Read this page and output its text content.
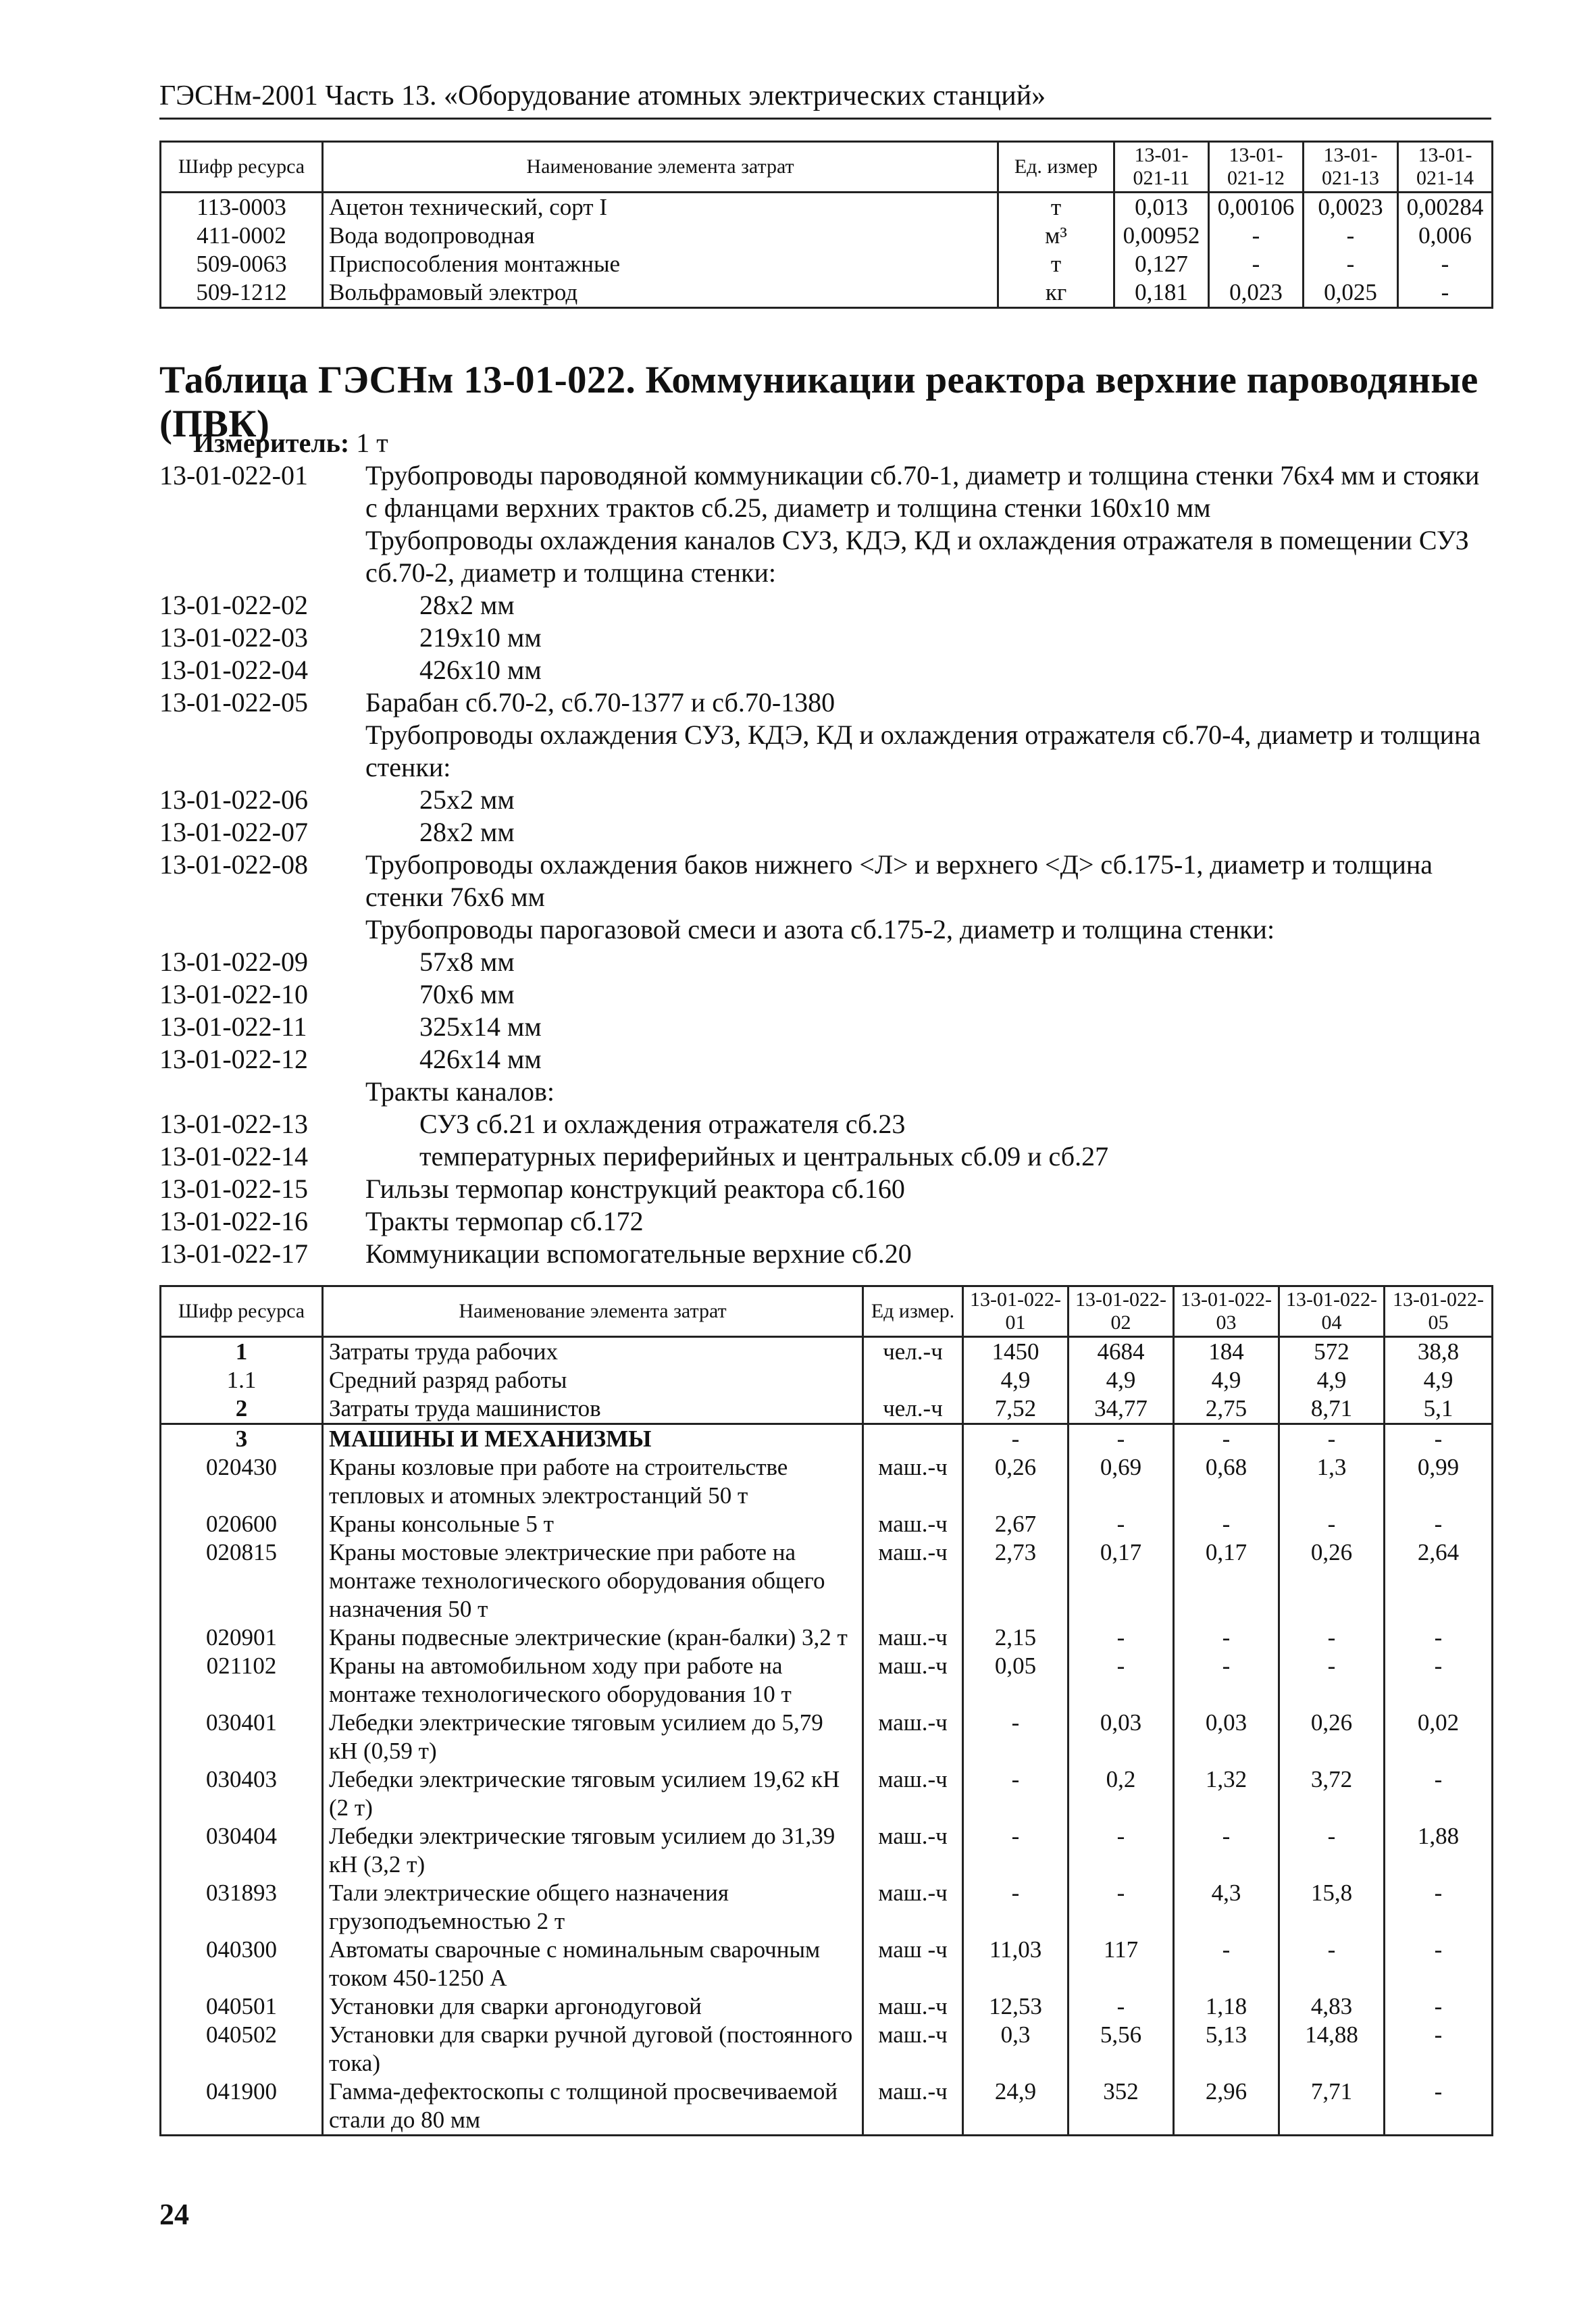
ГЭСНм-2001 Часть 13. «Оборудование атомных электрических станций»
Шифр ресурса	Наименование элемента затрат	Ед. измер	13-01-021-11	13-01-021-12	13-01-021-13	13-01-021-14
113-0003	Ацетон технический, сорт I	т	0,013	0,00106	0,0023	0,00284
411-0002	Вода водопроводная	м³	0,00952	-	-	0,006
509-0063	Приспособления монтажные	т	0,127	-	-	-
509-1212	Вольфрамовый электрод	кг	0,181	0,023	0,025	-
Таблица ГЭСНм 13-01-022. Коммуникации реактора верхние пароводяные (ПВК)
Измеритель: 1 т
13-01-022-01	Трубопроводы пароводяной коммуникации сб.70-1, диаметр и толщина стенки 76x4 мм и стояки с фланцами верхних трактов сб.25, диаметр и толщина стенки 160x10 мм
Трубопроводы охлаждения каналов СУЗ, КДЭ, КД и охлаждения отражателя в помещении СУЗ сб.70-2, диаметр и толщина стенки:
13-01-022-02	28x2 мм
13-01-022-03	219x10 мм
13-01-022-04	426x10 мм
13-01-022-05	Барабан сб.70-2, сб.70-1377 и сб.70-1380
Трубопроводы охлаждения СУЗ, КДЭ, КД и охлаждения отражателя сб.70-4, диаметр и толщина стенки:
13-01-022-06	25x2 мм
13-01-022-07	28x2 мм
13-01-022-08	Трубопроводы охлаждения баков нижнего <Л> и верхнего <Д> сб.175-1, диаметр и толщина стенки 76x6 мм
Трубопроводы парогазовой смеси и азота сб.175-2, диаметр и толщина стенки:
13-01-022-09	57x8 мм
13-01-022-10	70x6 мм
13-01-022-11	325x14 мм
13-01-022-12	426x14 мм
Тракты каналов:
13-01-022-13	СУЗ сб.21 и охлаждения отражателя сб.23
13-01-022-14	температурных периферийных и центральных сб.09 и сб.27
13-01-022-15	Гильзы термопар конструкций реактора сб.160
13-01-022-16	Тракты термопар сб.172
13-01-022-17	Коммуникации вспомогательные верхние сб.20
Шифр ресурса	Наименование элемента затрат	Ед измер.	13-01-022-01	13-01-022-02	13-01-022-03	13-01-022-04	13-01-022-05
1	Затраты труда рабочих	чел.-ч	1450	4684	184	572	38,8
1.1	Средний разряд работы		4,9	4,9	4,9	4,9	4,9
2	Затраты труда машинистов	чел.-ч	7,52	34,77	2,75	8,71	5,1
3	МАШИНЫ И МЕХАНИЗМЫ		-	-	-	-	-
020430	Краны козловые при работе на строительстве тепловых и атомных электростанций 50 т	маш.-ч	0,26	0,69	0,68	1,3	0,99
020600	Краны консольные 5 т	маш.-ч	2,67	-	-	-	-
020815	Краны мостовые электрические при работе на монтаже технологического оборудования общего назначения 50 т	маш.-ч	2,73	0,17	0,17	0,26	2,64
020901	Краны подвесные электрические (кран-балки) 3,2 т	маш.-ч	2,15	-	-	-	-
021102	Краны на автомобильном ходу при работе на монтаже технологического оборудования 10 т	маш.-ч	0,05	-	-	-	-
030401	Лебедки электрические тяговым усилием до 5,79 кН (0,59 т)	маш.-ч	-	0,03	0,03	0,26	0,02
030403	Лебедки электрические тяговым усилием 19,62 кН (2 т)	маш.-ч	-	0,2	1,32	3,72	-
030404	Лебедки электрические тяговым усилием до 31,39 кН (3,2 т)	маш.-ч	-	-	-	-	1,88
031893	Тали электрические общего назначения грузоподъемностью 2 т	маш.-ч	-	-	4,3	15,8	-
040300	Автоматы сварочные с номинальным сварочным током 450-1250 А	маш -ч	11,03	117	-	-	-
040501	Установки для сварки аргонодуговой	маш.-ч	12,53	-	1,18	4,83	-
040502	Установки для сварки ручной дуговой (постоянного тока)	маш.-ч	0,3	5,56	5,13	14,88	-
041900	Гамма-дефектоскопы с толщиной просвечиваемой стали до 80 мм	маш.-ч	24,9	352	2,96	7,71	-
24
